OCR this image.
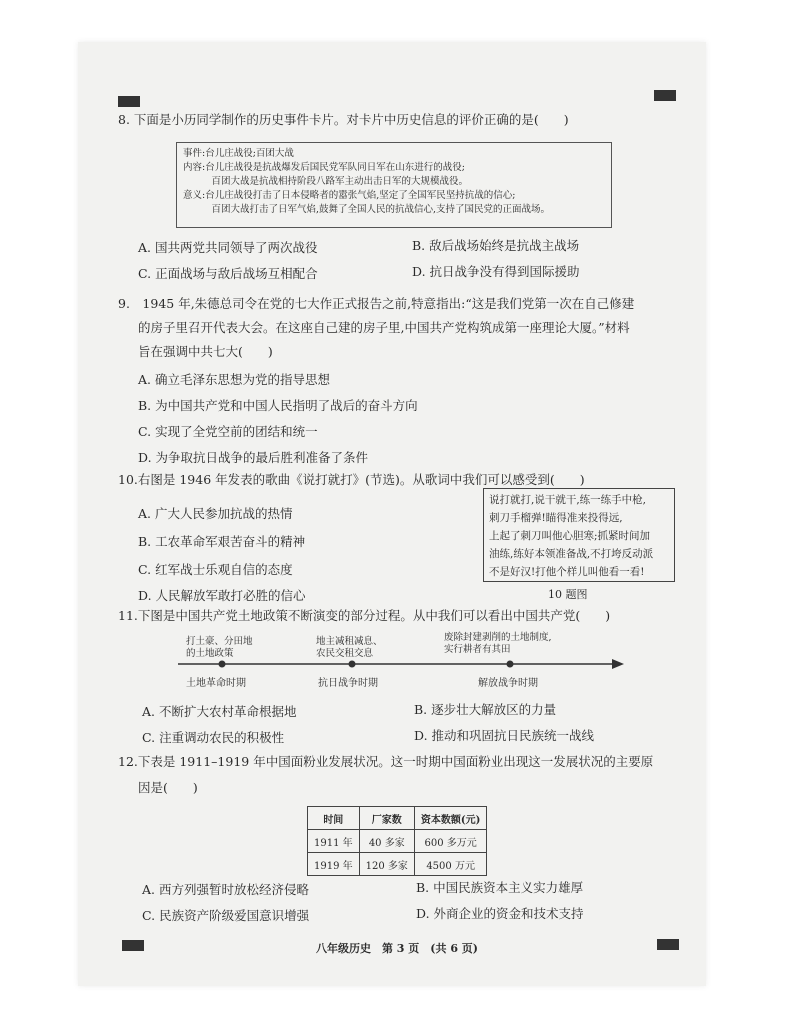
8. 下面是小历同学制作的历史事件卡片。对卡片中历史信息的评价正确的是(　　)
事件:台儿庄战役;百团大战
内容:台儿庄战役是抗战爆发后国民党军队同日军在山东进行的战役;
　　　百团大战是抗战相持阶段八路军主动出击日军的大规模战役。
意义:台儿庄战役打击了日本侵略者的嚣张气焰,坚定了全国军民坚持抗战的信心;
　　　百团大战打击了日军气焰,鼓舞了全国人民的抗战信心,支持了国民党的正面战场。
A. 国共两党共同领导了两次战役	B. 敌后战场始终是抗战主战场
C. 正面战场与敌后战场互相配合	D. 抗日战争没有得到国际援助
9.　1945 年,朱德总司令在党的七大作正式报告之前,特意指出:“这是我们党第一次在自己修建
的房子里召开代表大会。在这座自己建的房子里,中国共产党构筑成第一座理论大厦。”材料
旨在强调中共七大(　　)
A. 确立毛泽东思想为党的指导思想
B. 为中国共产党和中国人民指明了战后的奋斗方向
C. 实现了全党空前的团结和统一
D. 为争取抗日战争的最后胜利准备了条件
10.右图是 1946 年发表的歌曲《说打就打》(节选)。从歌词中我们可以感受到(　　)
A. 广大人民参加抗战的热情
B. 工农革命军艰苦奋斗的精神
C. 红军战士乐观自信的态度
D. 人民解放军敢打必胜的信心
说打就打,说干就干,练一练手中枪,
刺刀手榴弹!瞄得准来投得远,
上起了刺刀叫他心胆寒;抓紧时间加
油练,练好本领准备战,不打垮反动派
不是好汉!打他个样儿叫他看一看!
10 题图
11.下图是中国共产党土地政策不断演变的部分过程。从中我们可以看出中国共产党(　　)
打土豪、分田地
的土地政策
地主减租减息、
农民交租交息
废除封建剥削的土地制度,
实行耕者有其田
土地革命时期	抗日战争时期	解放战争时期
A. 不断扩大农村革命根据地	B. 逐步壮大解放区的力量
C. 注重调动农民的积极性	D. 推动和巩固抗日民族统一战线
12.下表是 1911–1919 年中国面粉业发展状况。这一时期中国面粉业出现这一发展状况的主要原
因是(　　)
时间	厂家数	资本数额(元)
1911 年	40 多家	600 多万元
1919 年	120 多家	4500 万元
A. 西方列强暂时放松经济侵略	B. 中国民族资本主义实力雄厚
C. 民族资产阶级爱国意识增强	D. 外商企业的资金和技术支持
八年级历史　第 3 页　(共 6 页)
